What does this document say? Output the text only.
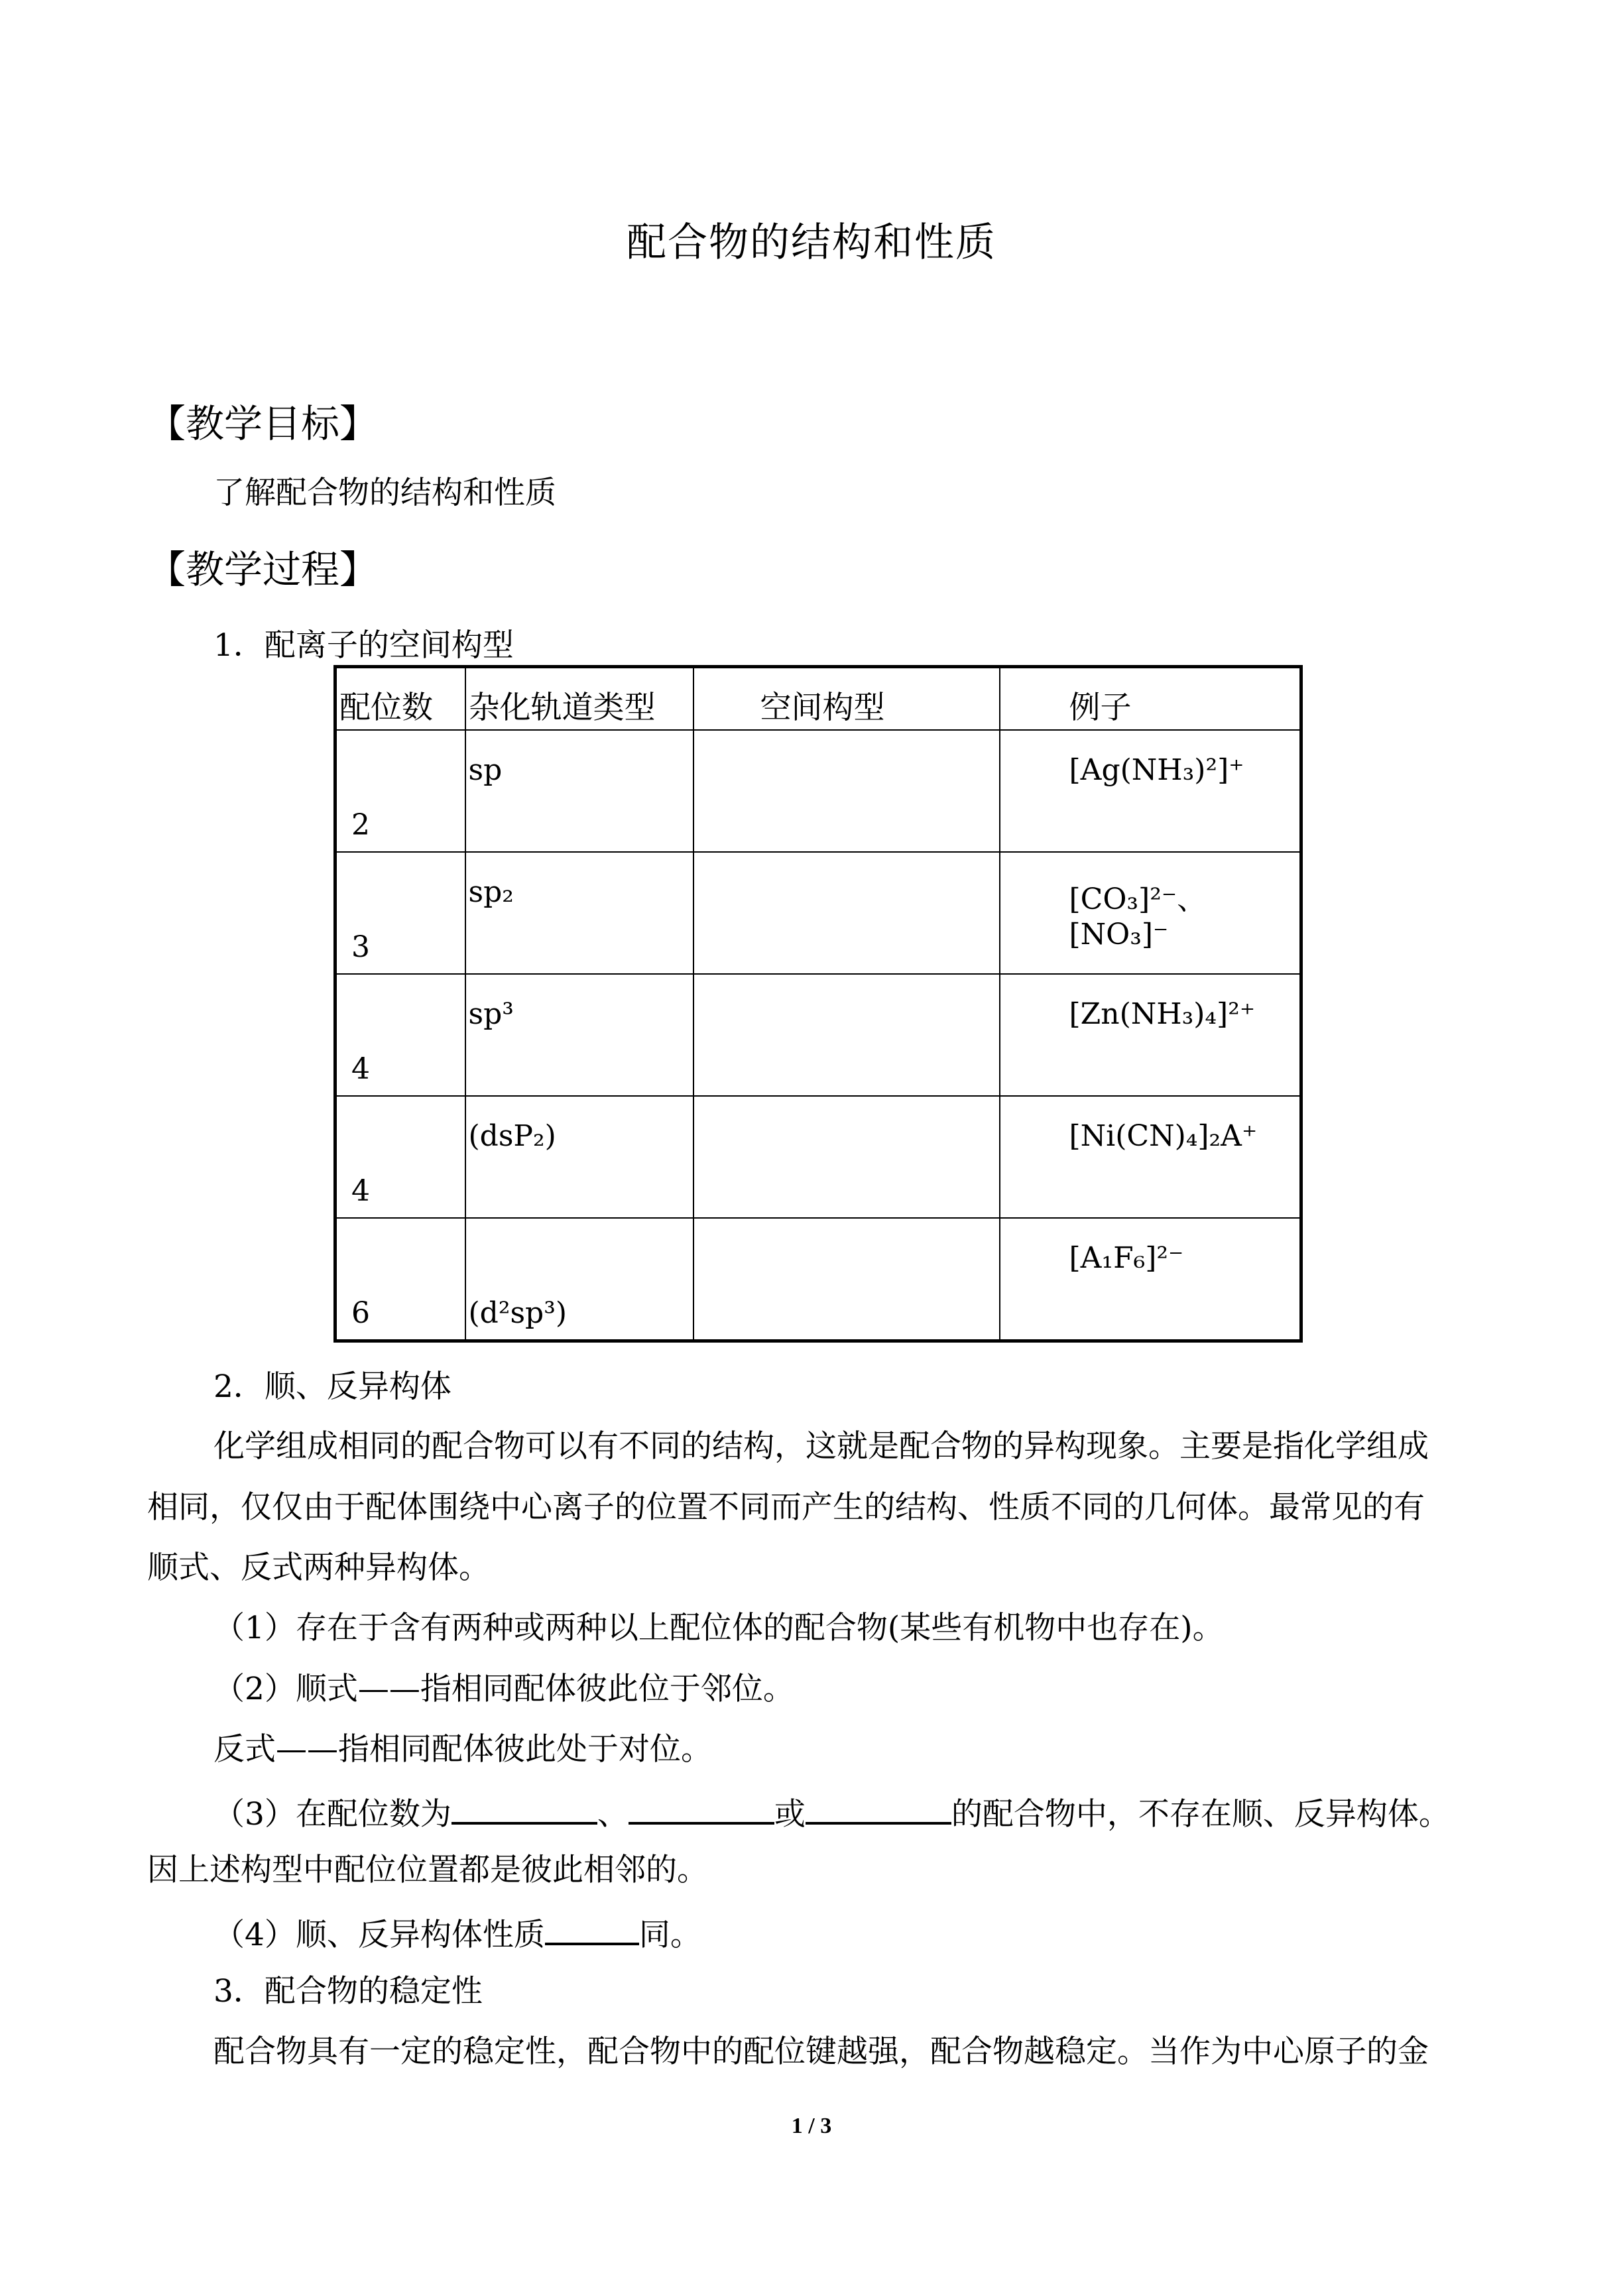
配合物的结构和性质
【教学目标】
了解配合物的结构和性质
【教学过程】
1．配离子的空间构型
配位数	杂化轨道类型	空间构型	例子

2	sp		[Ag(NH₃)²]⁺

3	sp₂		[CO₃]²⁻、[NO₃]⁻

4	sp³		[Zn(NH₃)₄]²⁺

4	(dsP₂)		[Ni(CN)₄]₂A⁺

6	(d²sp³)		[A₁F₆]²⁻
2．顺、反异构体
化学组成相同的配合物可以有不同的结构，这就是配合物的异构现象。主要是指化学组成
相同，仅仅由于配体围绕中心离子的位置不同而产生的结构、性质不同的几何体。最常见的有
顺式、反式两种异构体。
（1）存在于含有两种或两种以上配位体的配合物(某些有机物中也存在)。
（2）顺式——指相同配体彼此位于邻位。
反式——指相同配体彼此处于对位。
（3）在配位数为	、	或	的配合物中，不存在顺、反异构体。
因上述构型中配位位置都是彼此相邻的。
（4）顺、反异构体性质	同。
3．配合物的稳定性
配合物具有一定的稳定性，配合物中的配位键越强，配合物越稳定。当作为中心原子的金
1 / 3
